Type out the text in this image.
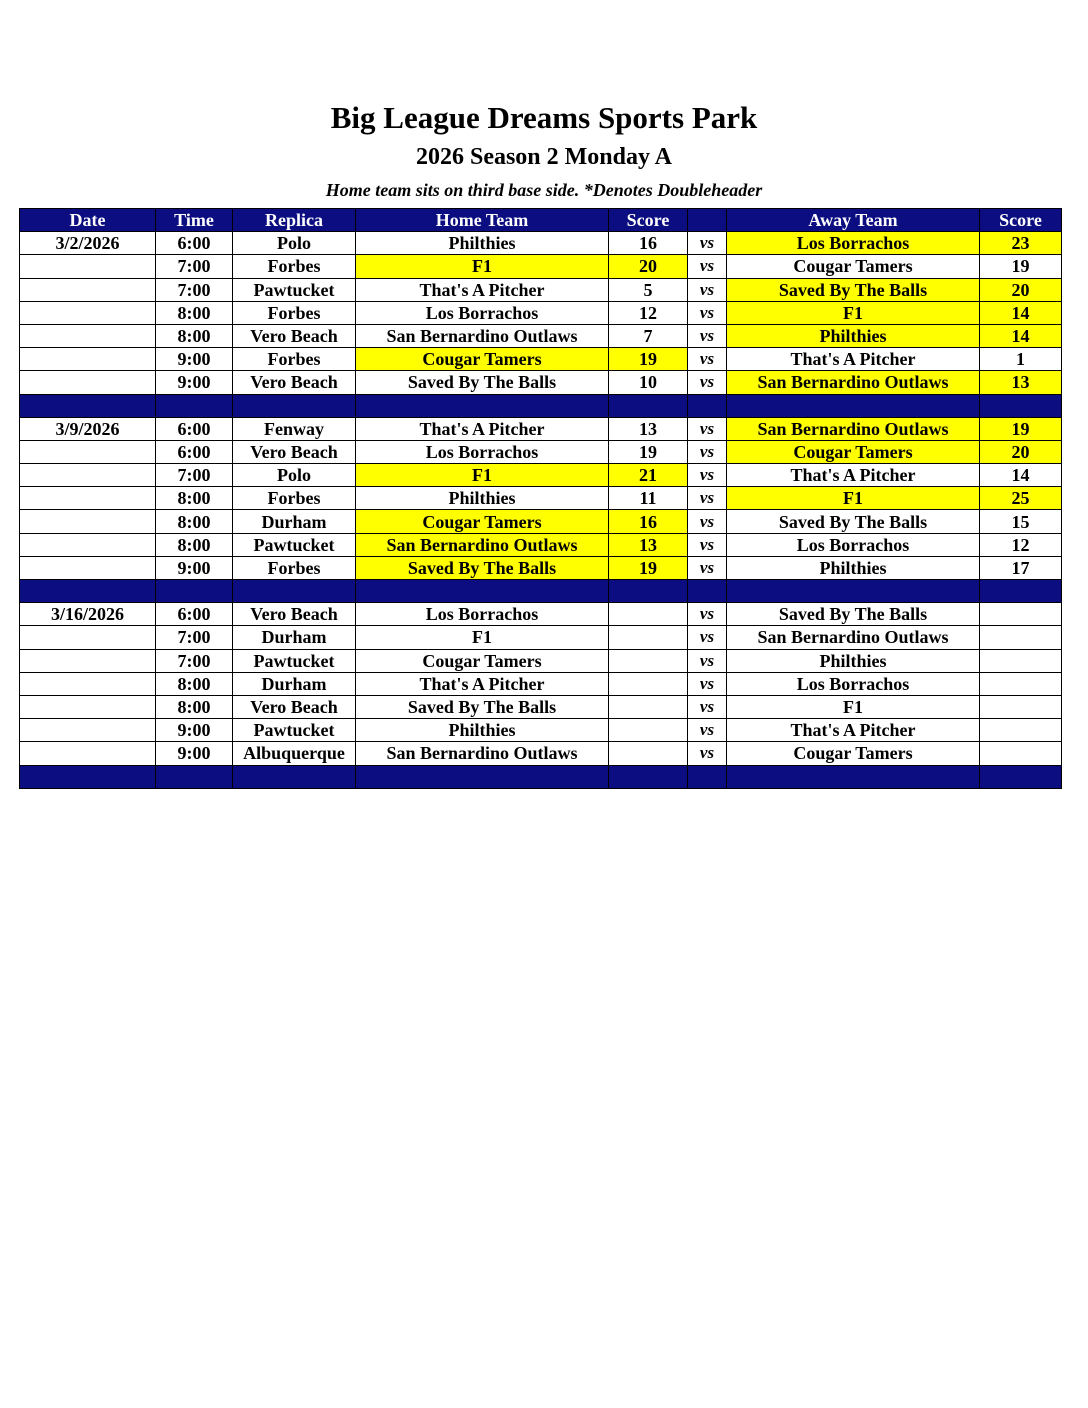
Big League Dreams Sports Park
2026 Season 2 Monday A
Home team sits on third base side. *Denotes Doubleheader
Date	Time	Replica	Home Team	Score		Away Team	Score
3/2/2026	6:00	Polo	Philthies	16	vs	Los Borrachos	23
	7:00	Forbes	F1	20	vs	Cougar Tamers	19
	7:00	Pawtucket	That's A Pitcher	5	vs	Saved By The Balls	20
	8:00	Forbes	Los Borrachos	12	vs	F1	14
	8:00	Vero Beach	San Bernardino Outlaws	7	vs	Philthies	14
	9:00	Forbes	Cougar Tamers	19	vs	That's A Pitcher	1
	9:00	Vero Beach	Saved By The Balls	10	vs	San Bernardino Outlaws	13

3/9/2026	6:00	Fenway	That's A Pitcher	13	vs	San Bernardino Outlaws	19
	6:00	Vero Beach	Los Borrachos	19	vs	Cougar Tamers	20
	7:00	Polo	F1	21	vs	That's A Pitcher	14
	8:00	Forbes	Philthies	11	vs	F1	25
	8:00	Durham	Cougar Tamers	16	vs	Saved By The Balls	15
	8:00	Pawtucket	San Bernardino Outlaws	13	vs	Los Borrachos	12
	9:00	Forbes	Saved By The Balls	19	vs	Philthies	17

3/16/2026	6:00	Vero Beach	Los Borrachos		vs	Saved By The Balls	
	7:00	Durham	F1		vs	San Bernardino Outlaws	
	7:00	Pawtucket	Cougar Tamers		vs	Philthies	
	8:00	Durham	That's A Pitcher		vs	Los Borrachos	
	8:00	Vero Beach	Saved By The Balls		vs	F1	
	9:00	Pawtucket	Philthies		vs	That's A Pitcher	
	9:00	Albuquerque	San Bernardino Outlaws		vs	Cougar Tamers	
